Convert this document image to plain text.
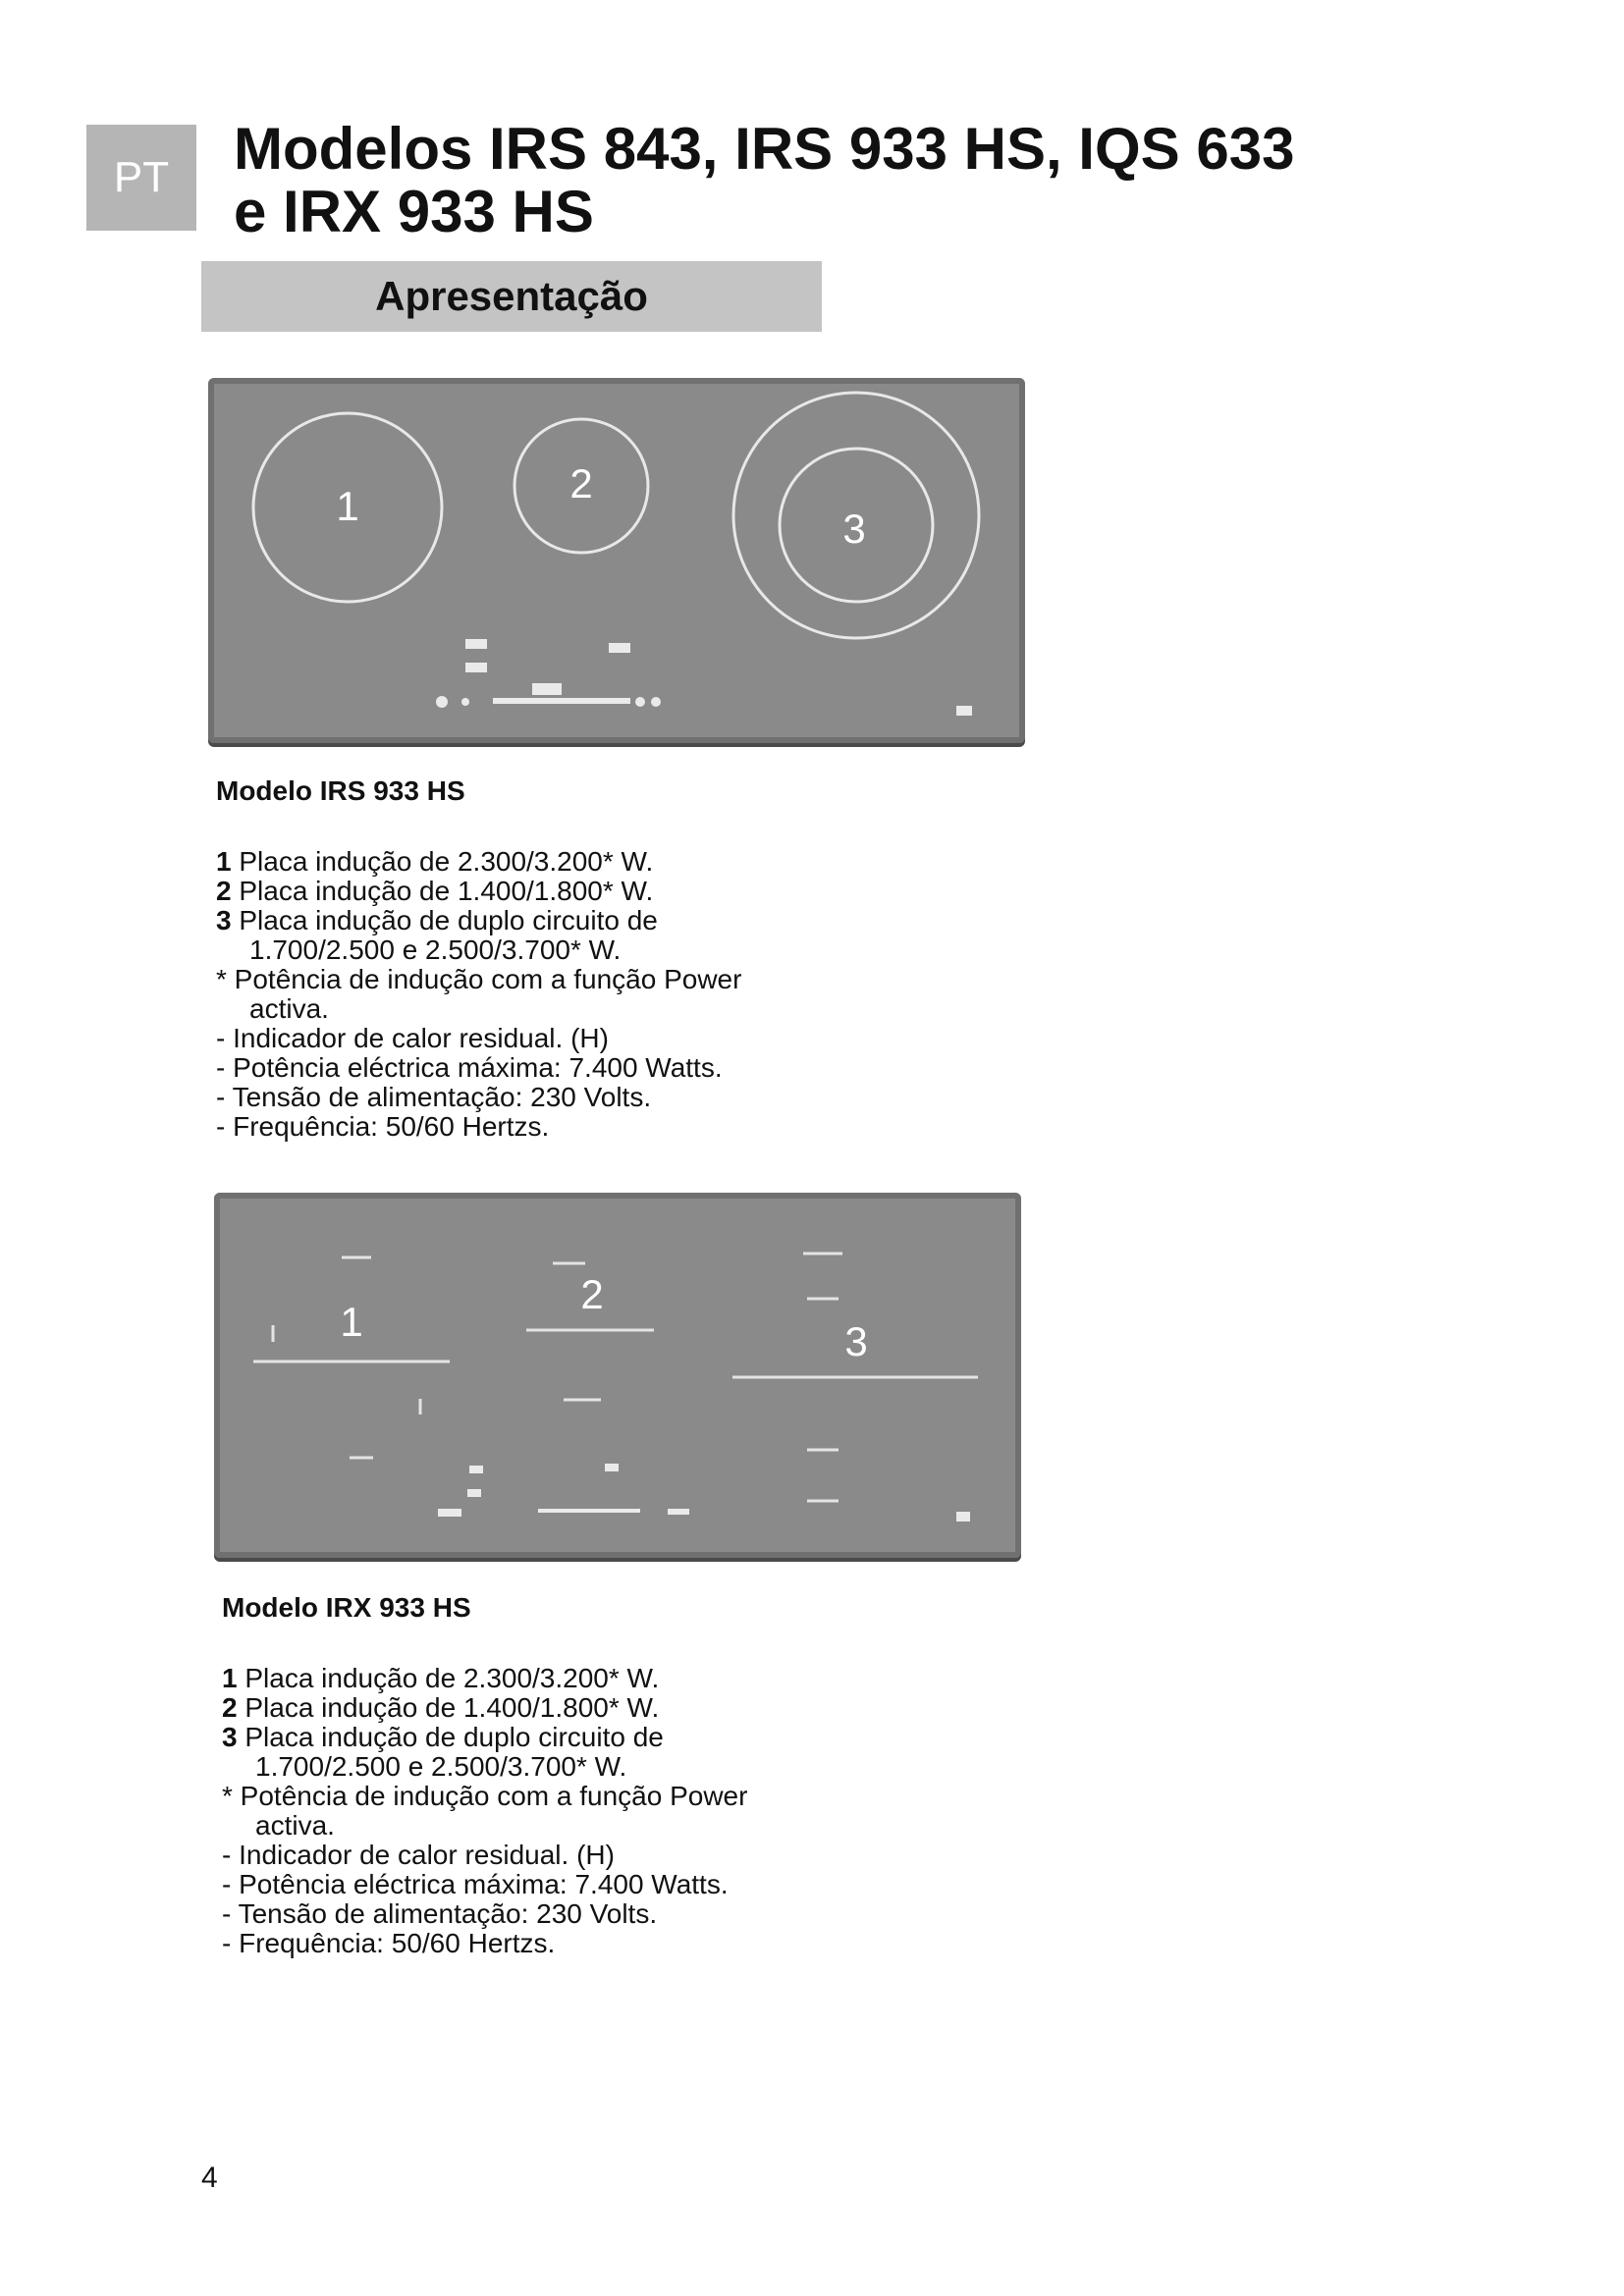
PT	Modelos IRS 843, IRS 933 HS, IQS 633
e IRX 933 HS
Apresentação
1	2
3
Modelo IRS 933 HS
1 Placa indução de 2.300/3.200* W.
2 Placa indução de 1.400/1.800* W.
3 Placa indução de duplo circuito de
1.700/2.500 e 2.500/3.700* W.
* Potência de indução com a função Power
activa.
- Indicador de calor residual. (H)
- Potência eléctrica máxima: 7.400 Watts.
- Tensão de alimentação: 230 Volts.
- Frequência: 50/60 Hertzs.
1
2
3
Modelo IRX 933 HS
1 Placa indução de 2.300/3.200* W.
2 Placa indução de 1.400/1.800* W.
3 Placa indução de duplo circuito de
1.700/2.500 e 2.500/3.700* W.
* Potência de indução com a função Power
activa.
- Indicador de calor residual. (H)
- Potência eléctrica máxima: 7.400 Watts.
- Tensão de alimentação: 230 Volts.
- Frequência: 50/60 Hertzs.
4
